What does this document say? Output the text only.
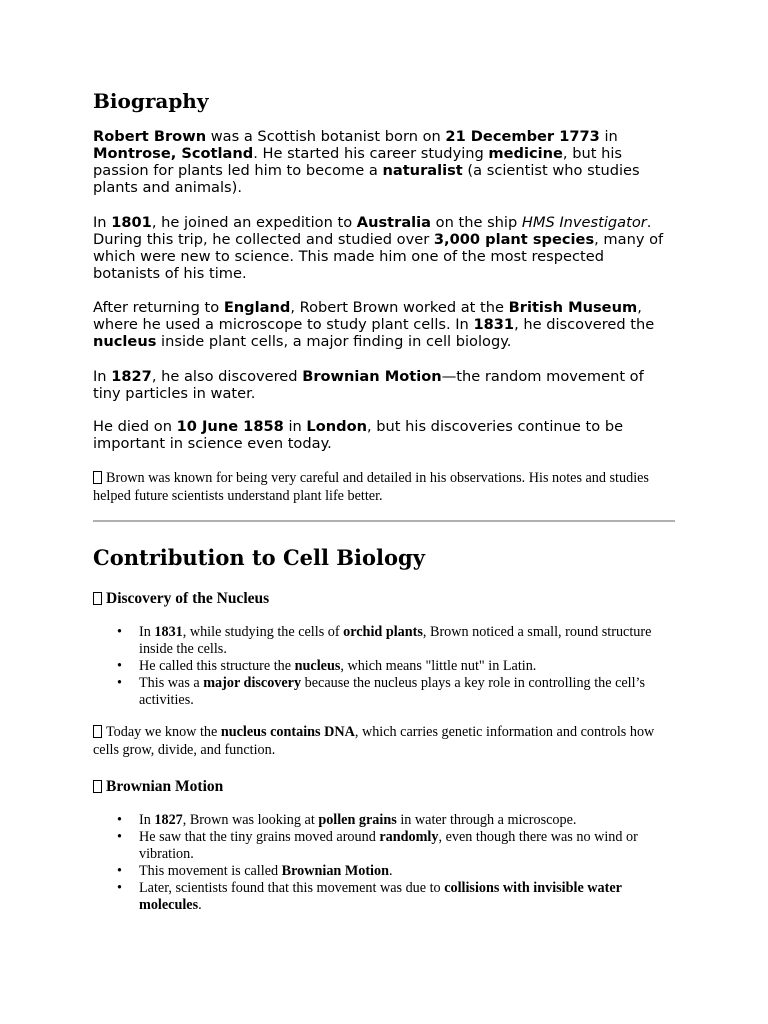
Biography

Robert Brown was a Scottish botanist born on 21 December 1773 in Montrose, Scotland. He started his career studying medicine, but his passion for plants led him to become a naturalist (a scientist who studies plants and animals).

In 1801, he joined an expedition to Australia on the ship HMS Investigator. During this trip, he collected and studied over 3,000 plant species, many of which were new to science. This made him one of the most respected botanists of his time.

After returning to England, Robert Brown worked at the British Museum, where he used a microscope to study plant cells. In 1831, he discovered the nucleus inside plant cells, a major finding in cell biology.

In 1827, he also discovered Brownian Motion—the random movement of tiny particles in water.

He died on 10 June 1858 in London, but his discoveries continue to be important in science even today.

Brown was known for being very careful and detailed in his observations. His notes and studies helped future scientists understand plant life better.

Contribution to Cell Biology
Discovery of the Nucleus
• In 1831, while studying the cells of orchid plants, Brown noticed a small, round structure inside the cells.
• He called this structure the nucleus, which means "little nut" in Latin.
• This was a major discovery because the nucleus plays a key role in controlling the cell’s activities.

Today we know the nucleus contains DNA, which carries genetic information and controls how cells grow, divide, and function.

Brownian Motion
• In 1827, Brown was looking at pollen grains in water through a microscope.
• He saw that the tiny grains moved around randomly, even though there was no wind or vibration.
• This movement is called Brownian Motion.
• Later, scientists found that this movement was due to collisions with invisible water molecules.
